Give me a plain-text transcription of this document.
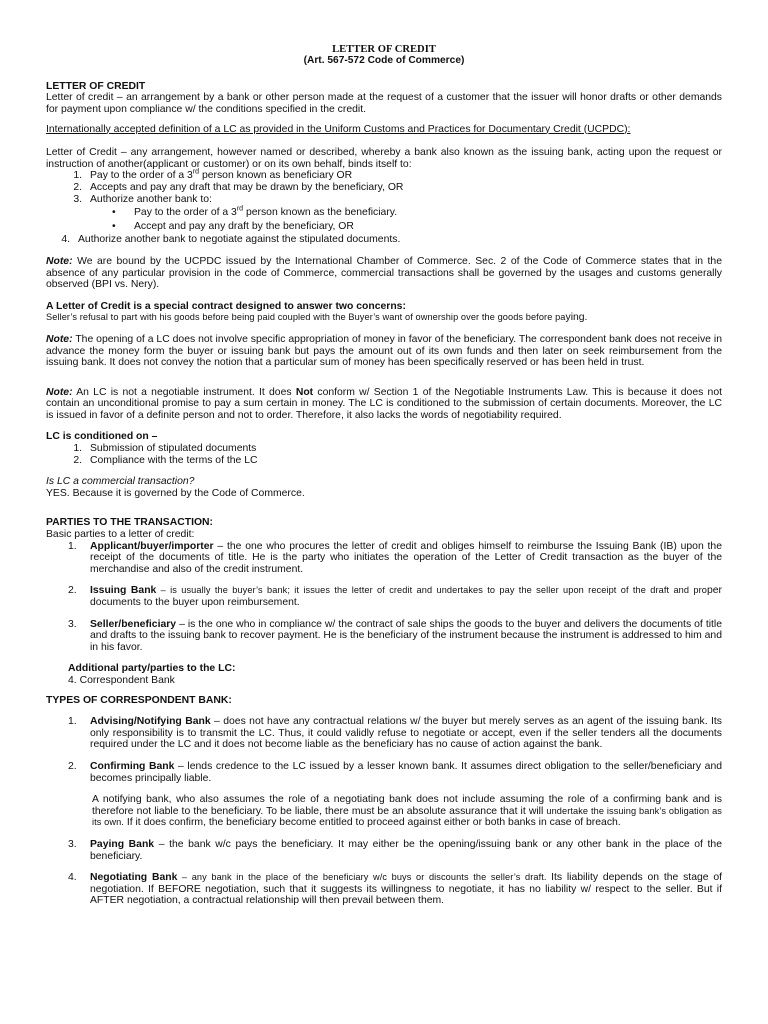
LETTER OF CREDIT
(Art. 567-572 Code of Commerce)

LETTER OF CREDIT

Letter of credit – an arrangement by a bank or other person made at the request of a customer that the issuer will honor drafts or other demands for payment upon compliance w/ the conditions specified in the credit.

Internationally accepted definition of a LC as provided in the Uniform Customs and Practices for Documentary Credit (UCPDC):

Letter of Credit – any arrangement, however named or described, whereby a bank also known as the issuing bank, acting upon the request or instruction of another(applicant or customer) or on its own behalf, binds itself to:

1. Pay to the order of a 3rd person known as beneficiary OR
2. Accepts and pay any draft that may be drawn by the beneficiary, OR
3. Authorize another bank to:
•	Pay to the order of a 3rd person known as the beneficiary.
•	Accept and pay any draft by the beneficiary, OR
4. Authorize another bank to negotiate against the stipulated documents.

Note: We are bound by the UCPDC issued by the International Chamber of Commerce. Sec. 2 of the Code of Commerce states that in the absence of any particular provision in the code of Commerce, commercial transactions shall be governed by the usages and customs generally observed (BPI vs. Nery).

A Letter of Credit is a special contract designed to answer two concerns:

Seller’s refusal to part with his goods before being paid coupled with the Buyer’s want of ownership over the goods before paying.

Note: The opening of a LC does not involve specific appropriation of money in favor of the beneficiary. The correspondent bank does not receive in advance the money form the buyer or issuing bank but pays the amount out of its own funds and then later on seek reimbursement from the issuing bank. It does not convey the notion that a particular sum of money has been specifically reserved or has been held in trust.

Note: An LC is not a negotiable instrument. It does Not conform w/ Section 1 of the Negotiable Instruments Law. This is because it does not contain an unconditional promise to pay a sum certain in money. The LC is conditioned to the submission of certain documents. Moreover, the LC is issued in favor of a definite person and not to order. Therefore, it also lacks the words of negotiability required.

LC is conditioned on –

1. Submission of stipulated documents
2. Compliance with the terms of the LC

Is LC a commercial transaction?

YES. Because it is governed by the Code of Commerce.

PARTIES TO THE TRANSACTION:

Basic parties to a letter of credit:

1.	Applicant/buyer/importer – the one who procures the letter of credit and obliges himself to reimburse the Issuing Bank (IB) upon the receipt of the documents of title. He is the party who initiates the operation of the Letter of Credit transaction as the buyer of the merchandise and also of the credit instrument.
2.	Issuing Bank – is usually the buyer’s bank; it issues the letter of credit and undertakes to pay the seller upon receipt of the draft and proper documents to the buyer upon reimbursement.
3.	Seller/beneficiary – is the one who in compliance w/ the contract of sale ships the goods to the buyer and delivers the documents of title and drafts to the issuing bank to recover payment. He is the beneficiary of the instrument because the instrument is addressed to him and in his favor.

Additional party/parties to the LC:

4. Correspondent Bank

TYPES OF CORRESPONDENT BANK:

1.	Advising/Notifying Bank – does not have any contractual relations w/ the buyer but merely serves as an agent of the issuing bank. Its only responsibility is to transmit the LC. Thus, it could validly refuse to negotiate or accept, even if the seller tenders all the documents required under the LC and it does not become liable as the beneficiary has no cause of action against the bank.
2.	Confirming Bank – lends credence to the LC issued by a lesser known bank. It assumes direct obligation to the seller/beneficiary and becomes principally liable.

A notifying bank, who also assumes the role of a negotiating bank does not include assuming the role of a confirming bank and is therefore not liable to the beneficiary. To be liable, there must be an absolute assurance that it will undertake the issuing bank’s obligation as its own. If it does confirm, the beneficiary become entitled to proceed against either or both banks in case of breach.

3.	Paying Bank – the bank w/c pays the beneficiary. It may either be the opening/issuing bank or any other bank in the place of the beneficiary.
4.	Negotiating Bank – any bank in the place of the beneficiary w/c buys or discounts the seller’s draft. Its liability depends on the stage of negotiation. If BEFORE negotiation, such that it suggests its willingness to negotiate, it has no liability w/ respect to the seller. But if AFTER negotiation, a contractual relationship will then prevail between them.
